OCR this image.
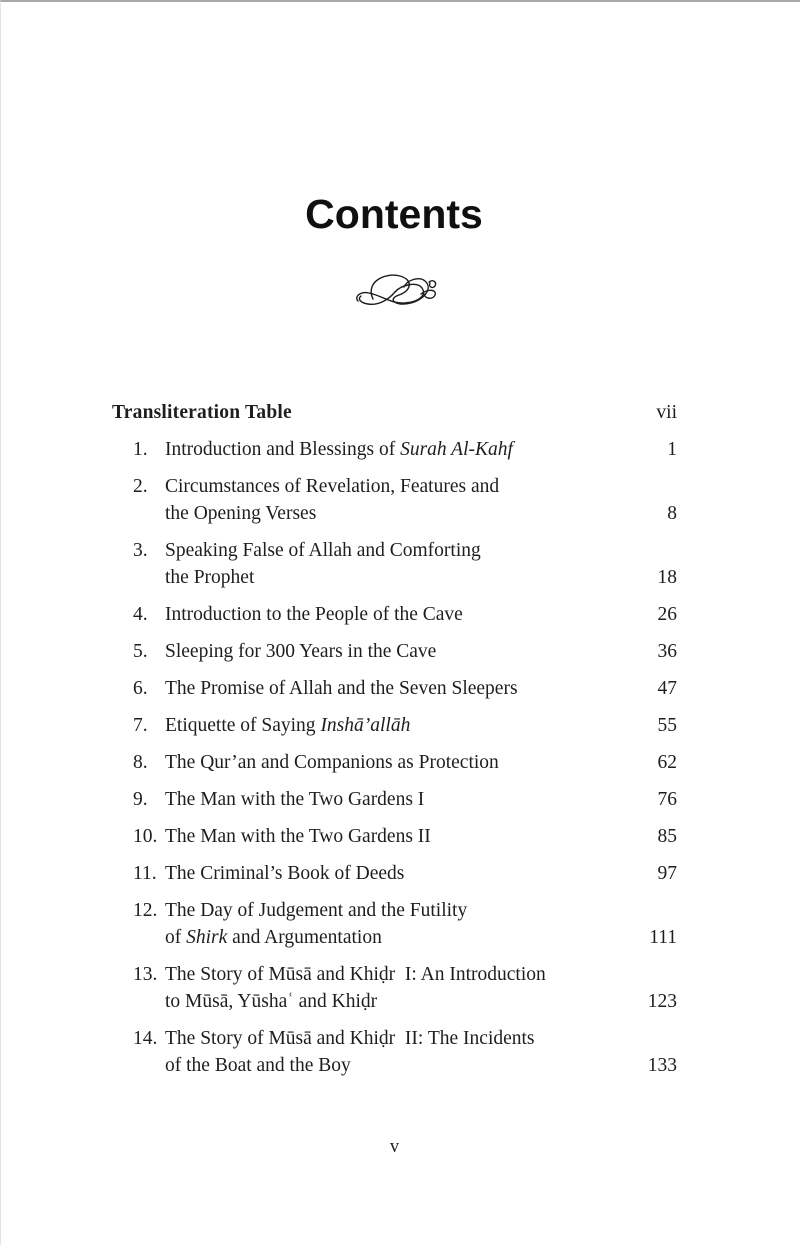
Contents
Transliteration Table	vii
1. Introduction and Blessings of Surah Al-Kahf	1
2. Circumstances of Revelation, Features and
the Opening Verses	8
3. Speaking False of Allah and Comforting
the Prophet	18
4. Introduction to the People of the Cave	26
5. Sleeping for 300 Years in the Cave	36
6. The Promise of Allah and the Seven Sleepers	47
7. Etiquette of Saying Inshā’allāh	55
8. The Qur’an and Companions as Protection	62
9. The Man with the Two Gardens I	76
10. The Man with the Two Gardens II	85
11. The Criminal’s Book of Deeds	97
12. The Day of Judgement and the Futility
of Shirk and Argumentation	111
13. The Story of Mūsā and Khiḍr  I: An Introduction
to Mūsā, Yūshaʿ and Khiḍr	123
14. The Story of Mūsā and Khiḍr  II: The Incidents
of the Boat and the Boy	133
v
